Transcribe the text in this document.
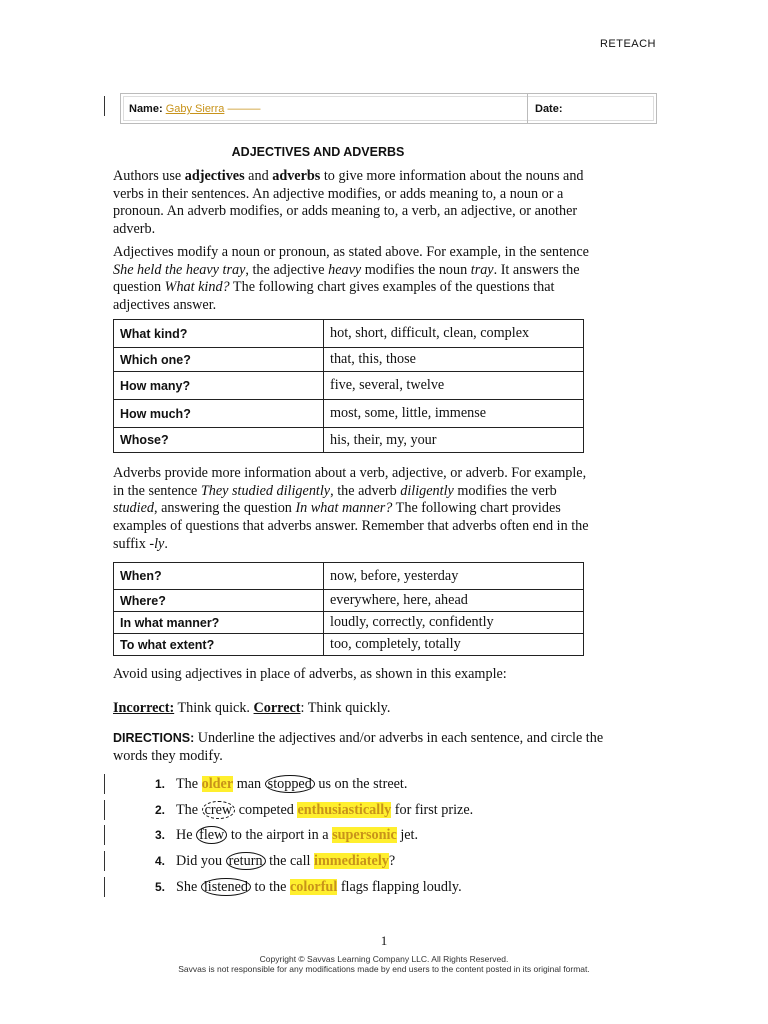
RETEACH
Name: Gaby Sierra ———	Date:
ADJECTIVES AND ADVERBS

Authors use adjectives and adverbs to give more information about the nouns and verbs in their sentences. An adjective modifies, or adds meaning to, a noun or a pronoun. An adverb modifies, or adds meaning to, a verb, an adjective, or another adverb.

Adjectives modify a noun or pronoun, as stated above. For example, in the sentence She held the heavy tray, the adjective heavy modifies the noun tray. It answers the question What kind? The following chart gives examples of the questions that adjectives answer.

What kind?	hot, short, difficult, clean, complex
Which one?	that, this, those
How many?	five, several, twelve
How much?	most, some, little, immense
Whose?	his, their, my, your

Adverbs provide more information about a verb, adjective, or adverb. For example, in the sentence They studied diligently, the adverb diligently modifies the verb studied, answering the question In what manner? The following chart provides examples of questions that adverbs answer. Remember that adverbs often end in the suffix -ly.

When?	now, before, yesterday
Where?	everywhere, here, ahead
In what manner?	loudly, correctly, confidently
To what extent?	too, completely, totally
Avoid using adjectives in place of adverbs, as shown in this example:
Incorrect: Think quick. Correct: Think quickly.
DIRECTIONS: Underline the adjectives and/or adverbs in each sentence, and circle the words they modify.
1. The older man stopped us on the street.
2. The crew competed enthusiastically for first prize.
3. He flew to the airport in a supersonic jet.
4. Did you return the call immediately?
5. She listened to the colorful flags flapping loudly.
1
Copyright © Savvas Learning Company LLC. All Rights Reserved.
Savvas is not responsible for any modifications made by end users to the content posted in its original format.
